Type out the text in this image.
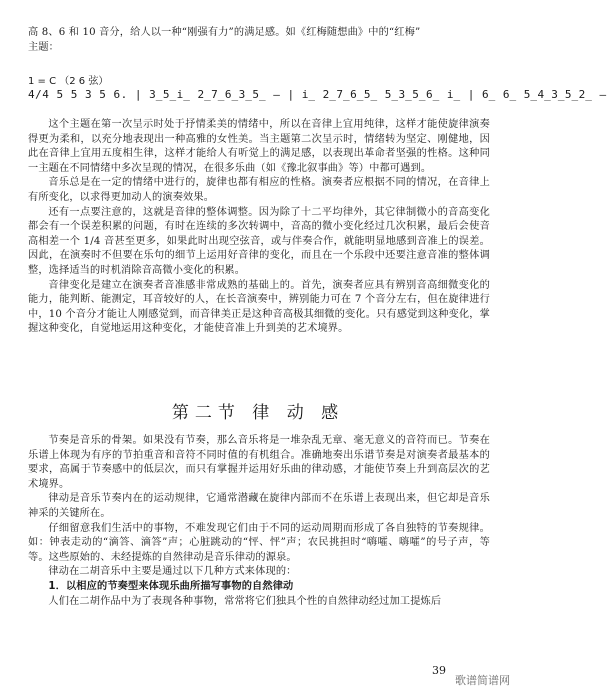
高 8、6 和 10 音分，给人以一种“刚强有力”的满足感。如《红梅随想曲》中的“红梅”

主题：

1 = C （2 6 弦）
4/4 5 5 3 5 6. | 3̲5̲i̲ 2̲7̲6̲3̲5̲ – | i̲ 2̲7̲6̲5̲ 5̲3̲5̲6̲ i̲ | 6̲ 6̲ 5̲4̲3̲5̲2̲ –

这个主题在第一次呈示时处于抒情柔美的情绪中，所以在音律上宜用纯律，这样才能使旋律演奏得更为柔和，以充分地表现出一种高雅的女性美。当主题第二次呈示时，情绪转为坚定、刚健地，因此在音律上宜用五度相生律，这样才能给人有听觉上的满足感，以表现出革命者坚强的性格。这种同一主题在不同情绪中多次呈现的情况，在很多乐曲（如《豫北叙事曲》等）中都可遇到。

音乐总是在一定的情绪中进行的，旋律也都有相应的性格。演奏者应根据不同的情况，在音律上有所变化，以求得更加动人的演奏效果。

还有一点要注意的，这就是音律的整体调整。因为除了十二平均律外，其它律制微小的音高变化都会有一个误差积累的问题，有时在连续的多次转调中，音高的微小变化经过几次积累，最后会使音高相差一个 1/4 音甚至更多，如果此时出现空弦音，或与伴奏合作，就能明显地感到音准上的误差。因此，在演奏时不但要在乐句的细节上运用好音律的变化，而且在一个乐段中还要注意音准的整体调整，选择适当的时机消除音高微小变化的积累。

音律变化是建立在演奏者音准感非常成熟的基础上的。首先，演奏者应具有辨别音高细微变化的能力，能判断、能测定，耳音较好的人，在长音演奏中，辨别能力可在 7 个音分左右，但在旋律进行中，10 个音分才能让人刚感觉到，而音律美正是这种音高极其细微的变化。只有感觉到这种变化，掌握这种变化，自觉地运用这种变化，才能使音准上升到美的艺术境界。

第二节 律 动 感

节奏是音乐的骨架。如果没有节奏，那么音乐将是一堆杂乱无章、毫无意义的音符而已。节奏在乐谱上体现为有序的节拍重音和音符不同时值的有机组合。准确地奏出乐谱节奏是对演奏者最基本的要求，高属于节奏感中的低层次，而只有掌握并运用好乐曲的律动感，才能使节奏上升到高层次的艺术境界。

律动是音乐节奏内在的运动规律，它通常潜藏在旋律内部而不在乐谱上表现出来，但它却是音乐神采的关键所在。

仔细留意我们生活中的事物，不难发现它们由于不同的运动周期而形成了各自独特的节奏规律。如：钟表走动的“滴答、滴答”声；心脏跳动的“怦、怦”声；农民挑担时“嗨嚯、嗨嚯”的号子声，等等。这些原始的、未经提炼的自然律动是音乐律动的源泉。

律动在二胡音乐中主要是通过以下几种方式来体现的：

1．以相应的节奏型来体现乐曲所描写事物的自然律动

人们在二胡作品中为了表现各种事物，常常将它们独具个性的自然律动经过加工提炼后

39
歌谱简谱网
